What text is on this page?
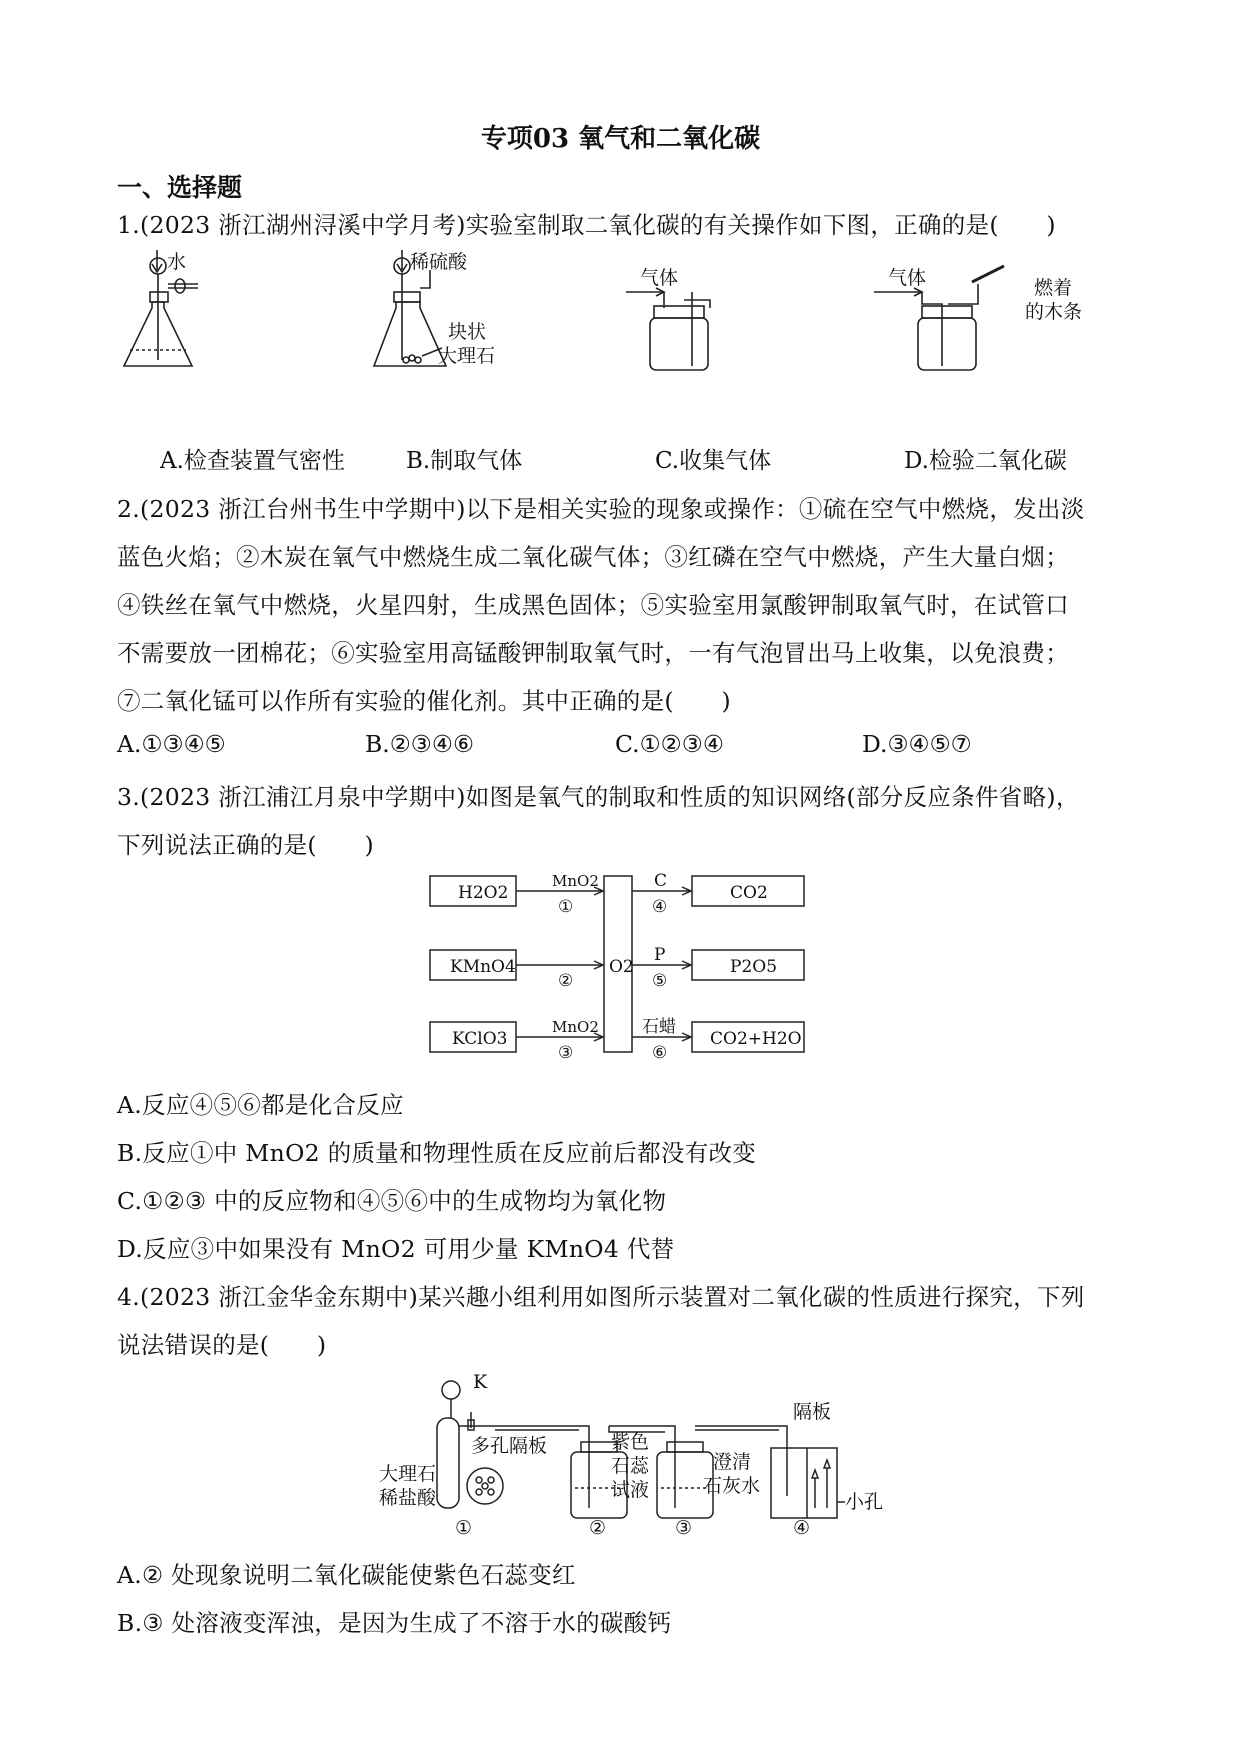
专项03 氧气和二氧化碳
一、选择题
1.(2023 浙江湖州浔溪中学月考)实验室制取二氧化碳的有关操作如下图，正确的是(　　)
水	稀硫酸
块状
大理石
气体	气体	燃着
的木条
A.检查装置气密性	B.制取气体	C.收集气体	D.检验二氧化碳
2.(2023 浙江台州书生中学期中)以下是相关实验的现象或操作：①硫在空气中燃烧，发出淡
蓝色火焰；②木炭在氧气中燃烧生成二氧化碳气体；③红磷在空气中燃烧，产生大量白烟；
④铁丝在氧气中燃烧，火星四射，生成黑色固体；⑤实验室用氯酸钾制取氧气时，在试管口
不需要放一团棉花；⑥实验室用高锰酸钾制取氧气时，一有气泡冒出马上收集，以免浪费；
⑦二氧化锰可以作所有实验的催化剂。其中正确的是(　　)
A.①③④⑤	B.②③④⑥	C.①②③④	D.③④⑤⑦
3.(2023 浙江浦江月泉中学期中)如图是氧气的制取和性质的知识网络(部分反应条件省略)，
下列说法正确的是(　　)
H2O2
KMnO4
KClO3
O2
CO2
P2O5
CO2+H2O
MnO2
MnO2
C
P
石蜡
①
②
③
④
⑤
⑥
A.反应④⑤⑥都是化合反应
B.反应①中 MnO2 的质量和物理性质在反应前后都没有改变
C.①②③ 中的反应物和④⑤⑥中的生成物均为氧化物
D.反应③中如果没有 MnO2 可用少量 KMnO4 代替
4.(2023 浙江金华金东期中)某兴趣小组利用如图所示装置对二氧化碳的性质进行探究，下列
说法错误的是(　　)
K
多孔隔板
大理石
稀盐酸
紫色
石蕊
试液
澄清
石灰水
隔板
小孔
①	②	③	④
A.② 处现象说明二氧化碳能使紫色石蕊变红
B.③ 处溶液变浑浊，是因为生成了不溶于水的碳酸钙
